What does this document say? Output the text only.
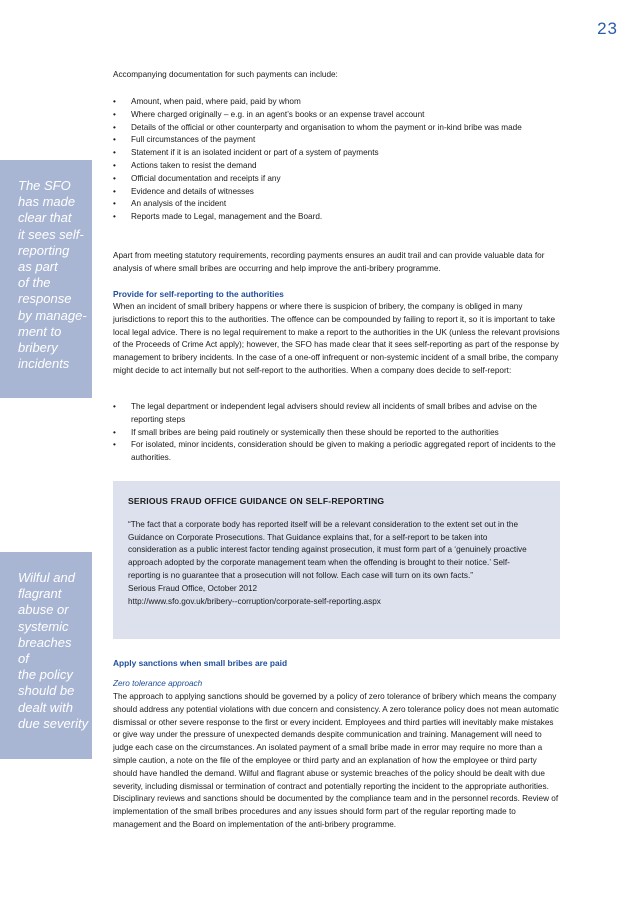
23
The SFO
has made
clear that
it sees self-
reporting
as part
of the
response
by manage-
ment to
bribery
incidents
Wilful and
flagrant
abuse or
systemic
breaches
of
the policy
should be
dealt with
due severity

Accompanying documentation for such payments can include:

• Amount, when paid, where paid, paid by whom
• Where charged originally – e.g. in an agent’s books or an expense travel account
• Details of the official or other counterparty and organisation to whom the payment or in-kind bribe was made
• Full circumstances of the payment
• Statement if it is an isolated incident or part of a system of payments
• Actions taken to resist the demand
• Official documentation and receipts if any
• Evidence and details of witnesses
• An analysis of the incident
• Reports made to Legal, management and the Board.

Apart from meeting statutory requirements, recording payments ensures an audit trail and can provide valuable data for analysis of where small bribes are occurring and help improve the anti-bribery programme.

Provide for self-reporting to the authorities

When an incident of small bribery happens or where there is suspicion of bribery, the company is obliged in many jurisdictions to report this to the authorities. The offence can be compounded by failing to report it, so it is important to take local legal advice. There is no legal requirement to make a report to the authorities in the UK (unless the relevant provisions of the Proceeds of Crime Act apply); however, the SFO has made clear that it sees self-reporting as part of the response by management to bribery incidents. In the case of a one-off infrequent or non-systemic incident of a small bribe, the company might decide to act internally but not self-report to the authorities. When a company does decide to self-report:

• The legal department or independent legal advisers should review all incidents of small bribes and advise on the reporting steps
• If small bribes are being paid routinely or systemically then these should be reported to the authorities
• For isolated, minor incidents, consideration should be given to making a periodic aggregated report of incidents to the authorities.

Apply sanctions when small bribes are paid

Zero tolerance approach

The approach to applying sanctions should be governed by a policy of zero tolerance of bribery which means the company should address any potential violations with due concern and consistency. A zero tolerance policy does not mean automatic dismissal or other severe response to the first or every incident. Employees and third parties will inevitably make mistakes or give way under the pressure of unexpected demands despite communication and training. Management will need to judge each case on the circumstances. An isolated payment of a small bribe made in error may require no more than a simple caution, a note on the file of the employee or third party and an explanation of how the employee or third party should have handled the demand. Wilful and flagrant abuse or systemic breaches of the policy should be dealt with due severity, including dismissal or termination of contract and potentially reporting the incident to the appropriate authorities. Disciplinary reviews and sanctions should be documented by the compliance team and in the personnel records. Review of implementation of the small bribes procedures and any issues should form part of the regular reporting made to management and the Board on implementation of the anti-bribery programme.

SERIOUS FRAUD OFFICE GUIDANCE ON SELF-REPORTING

“The fact that a corporate body has reported itself will be a relevant consideration to the extent set out in the Guidance on Corporate Prosecutions. That Guidance explains that, for a self-report to be taken into consideration as a public interest factor tending against prosecution, it must form part of a ‘genuinely proactive approach adopted by the corporate management team when the offending is brought to their notice.’ Self-reporting is no guarantee that a prosecution will not follow. Each case will turn on its own facts.”

Serious Fraud Office, October 2012

http://www.sfo.gov.uk/bribery--corruption/corporate-self-reporting.aspx
